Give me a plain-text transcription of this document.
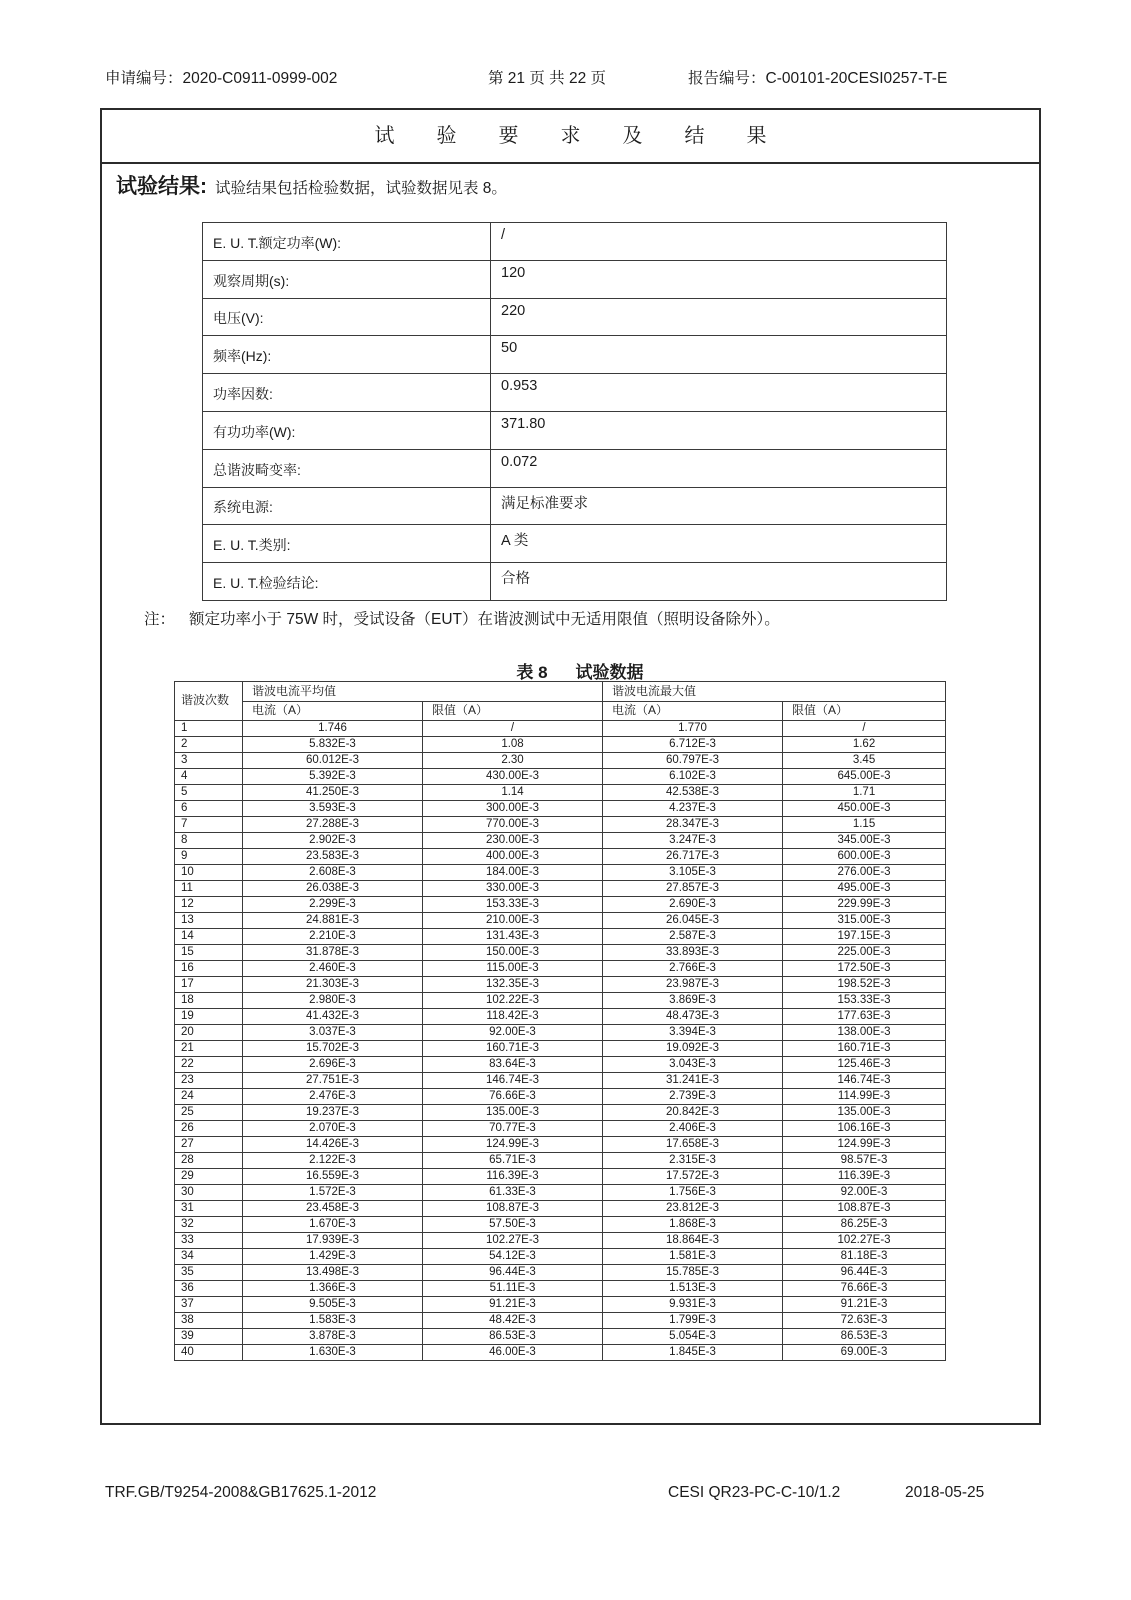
申请编号：2020-C0911-0999-002	第 21 页 共 22 页	报告编号：C-00101-20CESI0257-T-E
试验要求及结果
试验结果: 试验结果包括检验数据，试验数据见表 8。
E. U. T.额定功率(W):	/
观察周期(s):	120
电压(V):	220
频率(Hz):	50
功率因数:	0.953
有功功率(W):	371.80
总谐波畸变率:	0.072
系统电源:	满足标准要求
E. U. T.类别:	A 类
E. U. T.检验结论:	合格
注： 额定功率小于 75W 时，受试设备（EUT）在谐波测试中无适用限值（照明设备除外）。

表 8 试验数据

谐波次数	谐波电流平均值		谐波电流最大值	
	电流（A）	限值（A）	电流（A）	限值（A）
1	1.746	/	1.770	/
2	5.832E-3	1.08	6.712E-3	1.62
3	60.012E-3	2.30	60.797E-3	3.45
4	5.392E-3	430.00E-3	6.102E-3	645.00E-3
5	41.250E-3	1.14	42.538E-3	1.71
6	3.593E-3	300.00E-3	4.237E-3	450.00E-3
7	27.288E-3	770.00E-3	28.347E-3	1.15
8	2.902E-3	230.00E-3	3.247E-3	345.00E-3
9	23.583E-3	400.00E-3	26.717E-3	600.00E-3
10	2.608E-3	184.00E-3	3.105E-3	276.00E-3
11	26.038E-3	330.00E-3	27.857E-3	495.00E-3
12	2.299E-3	153.33E-3	2.690E-3	229.99E-3
13	24.881E-3	210.00E-3	26.045E-3	315.00E-3
14	2.210E-3	131.43E-3	2.587E-3	197.15E-3
15	31.878E-3	150.00E-3	33.893E-3	225.00E-3
16	2.460E-3	115.00E-3	2.766E-3	172.50E-3
17	21.303E-3	132.35E-3	23.987E-3	198.52E-3
18	2.980E-3	102.22E-3	3.869E-3	153.33E-3
19	41.432E-3	118.42E-3	48.473E-3	177.63E-3
20	3.037E-3	92.00E-3	3.394E-3	138.00E-3
21	15.702E-3	160.71E-3	19.092E-3	160.71E-3
22	2.696E-3	83.64E-3	3.043E-3	125.46E-3
23	27.751E-3	146.74E-3	31.241E-3	146.74E-3
24	2.476E-3	76.66E-3	2.739E-3	114.99E-3
25	19.237E-3	135.00E-3	20.842E-3	135.00E-3
26	2.070E-3	70.77E-3	2.406E-3	106.16E-3
27	14.426E-3	124.99E-3	17.658E-3	124.99E-3
28	2.122E-3	65.71E-3	2.315E-3	98.57E-3
29	16.559E-3	116.39E-3	17.572E-3	116.39E-3
30	1.572E-3	61.33E-3	1.756E-3	92.00E-3
31	23.458E-3	108.87E-3	23.812E-3	108.87E-3
32	1.670E-3	57.50E-3	1.868E-3	86.25E-3
33	17.939E-3	102.27E-3	18.864E-3	102.27E-3
34	1.429E-3	54.12E-3	1.581E-3	81.18E-3
35	13.498E-3	96.44E-3	15.785E-3	96.44E-3
36	1.366E-3	51.11E-3	1.513E-3	76.66E-3
37	9.505E-3	91.21E-3	9.931E-3	91.21E-3
38	1.583E-3	48.42E-3	1.799E-3	72.63E-3
39	3.878E-3	86.53E-3	5.054E-3	86.53E-3
40	1.630E-3	46.00E-3	1.845E-3	69.00E-3
TRF.GB/T9254-2008&GB17625.1-2012	CESI QR23-PC-C-10/1.2	2018-05-25
